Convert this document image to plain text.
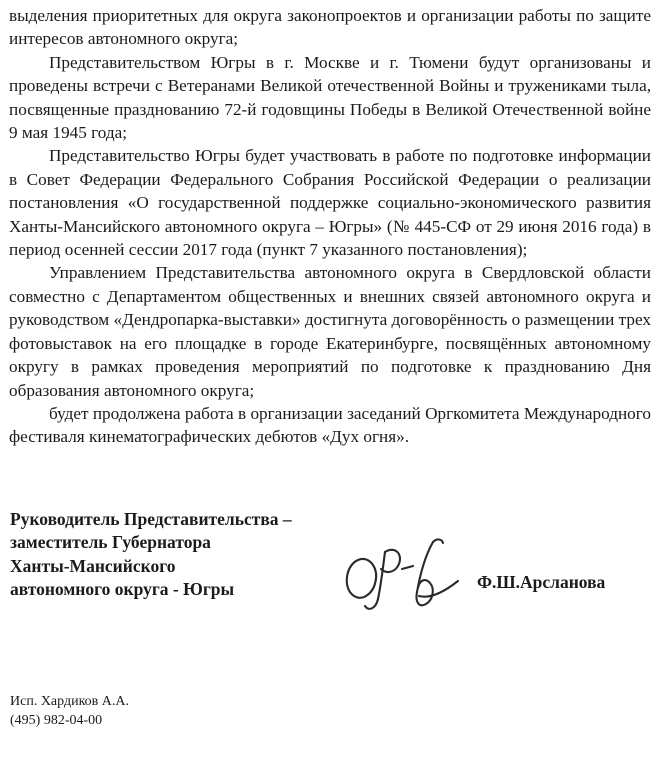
выделения приоритетных для округа законопроектов и организации работы по защите интересов автономного округа;

Представительством Югры в г. Москве и г. Тюмени будут организованы и проведены встречи с Ветеранами Великой отечественной Войны и тружениками тыла, посвященные празднованию 72-й годовщины Победы в Великой Отечественной войне 9 мая 1945 года;

Представительство Югры будет участвовать в работе по подготовке информации в Совет Федерации Федерального Собрания Российской Федерации о реализации постановления «О государственной поддержке социально-экономического развития Ханты-Мансийского автономного округа – Югры» (№ 445-СФ от 29 июня 2016 года) в период осенней сессии 2017 года (пункт 7 указанного постановления);

Управлением Представительства автономного округа в Свердловской области совместно с Департаментом общественных и внешних связей автономного округа и руководством «Дендропарка-выставки» достигнута договорённость о размещении трех фотовыставок на его площадке в городе Екатеринбурге, посвящённых автономному округу в рамках проведения мероприятий по подготовке к празднованию Дня образования автономного округа;

будет продолжена работа в организации заседаний Оргкомитета Международного фестиваля кинематографических дебютов «Дух огня».

Руководитель Представительства –
заместитель Губернатора
Ханты-Мансийского
автономного округа - Югры	Ф.Ш.Арсланова
Исп. Хардиков А.А.
(495) 982-04-00
